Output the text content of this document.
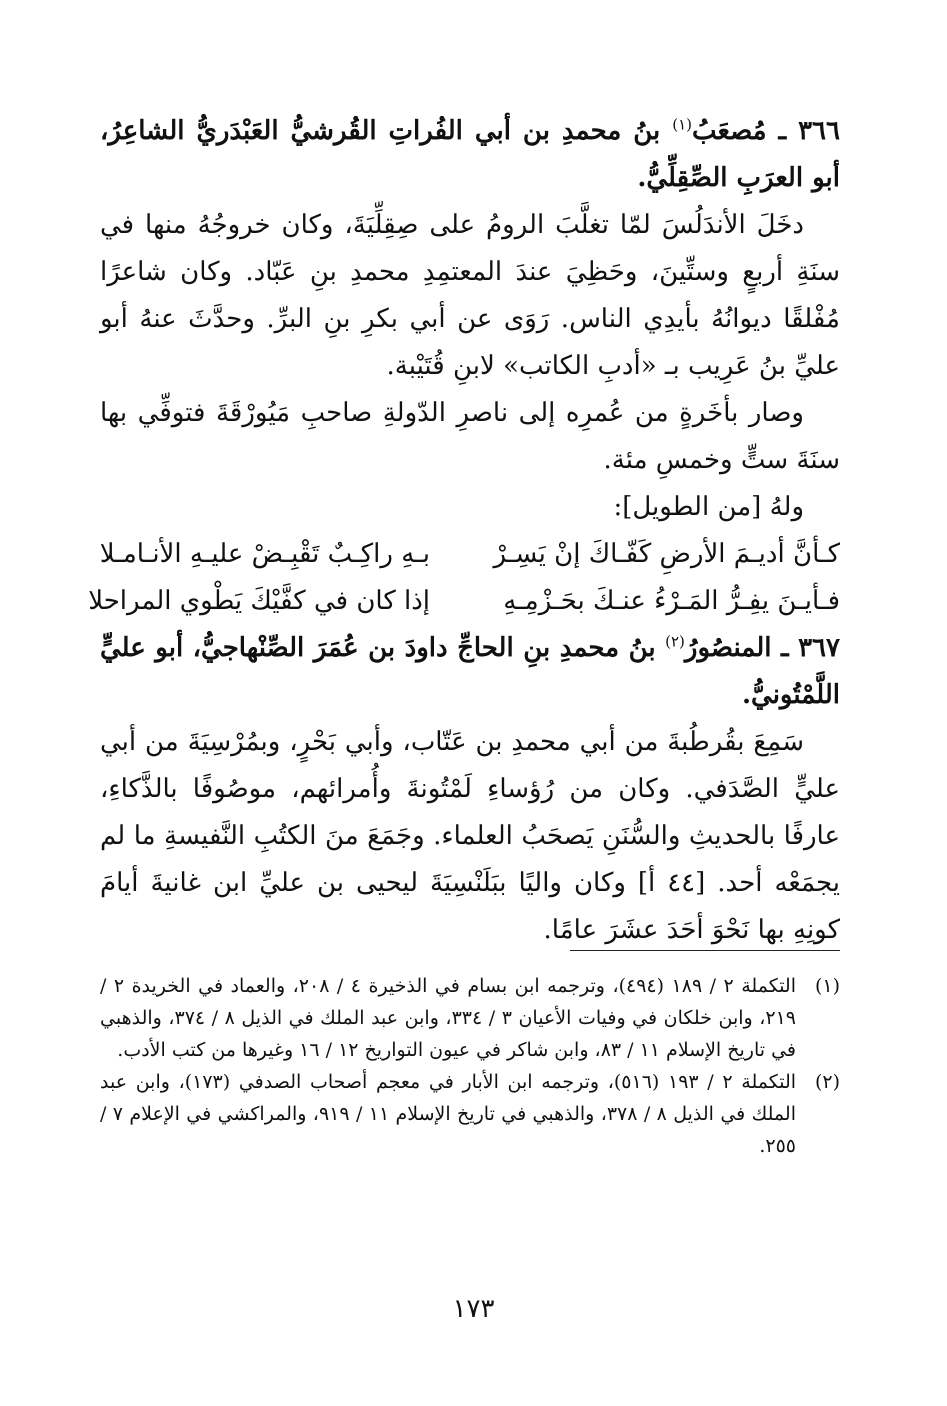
٣٦٦ ـ مُصعَبُ$^{(١)}$ بنُ محمدِ بن أبي الفُراتِ القُرشيُّ العَبْدَريُّ الشاعِرُ، أبو العرَبِ الصِّقِلِّيُّ.

دخَلَ الأندَلُسَ لمّا تغلَّبَ الرومُ على صِقِلِّيَةَ، وكان خروجُهُ منها في سنَةِ أربعٍ وستِّينَ، وحَظِيَ عندَ المعتمِدِ محمدِ بنِ عَبّاد. وكان شاعرًا مُفْلقًا ديوانُهُ بأيدِي الناس. رَوَى عن أبي بكرِ بنِ البرِّ. وحدَّثَ عنهُ أبو عليِّ بنُ عَرِيب بـ «أدبِ الكاتب» لابنِ قُتَيْبة.

وصار بأخَرةٍ من عُمرِه إلى ناصرِ الدّولةِ صاحبِ مَيُورْقَةَ فتوفِّي بها سنَةَ ستٍّ وخمسِ مئة.

ولهُ [من الطويل]:

كـأنَّ أديـمَ الأرضِ كَفّـاكَ إنْ يَسِـرْ
بـهِ راكِـبٌ تَقْبِـضْ عليـهِ الأنـامـلا
فـأيـنَ يفِـرُّ المَـرْءُ عنـكَ بحَـزْمِـهِ
إذا كان في كفَّيْكَ يَطْوي المراحلا

٣٦٧ ـ المنصُورُ$^{(٢)}$ بنُ محمدِ بنِ الحاجِّ داودَ بن عُمَرَ الصِّنْهاجيُّ، أبو عليٍّ اللَّمْتُونيُّ.

سَمِعَ بقُرطُبةَ من أبي محمدِ بن عَتّاب، وأبي بَحْرٍ، وبمُرْسِيَةَ من أبي عليٍّ الصَّدَفي. وكان من رُؤساءِ لَمْتُونةَ وأُمرائهم، موصُوفًا بالذَّكاءِ، عارفًا بالحديثِ والسُّنَنِ يَصحَبُ العلماء. وجَمَعَ منَ الكتُبِ النَّفيسةِ ما لم يجمَعْه أحد. [٤٤ أ] وكان واليًا ببَلَنْسِيَةَ ليحيى بن عليِّ ابن غانيةَ أيامَ كونِهِ بها نَحْوَ أحَدَ عشَرَ عامًا.

(١)
التكملة ٢ / ١٨٩ (٤٩٤)، وترجمه ابن بسام في الذخيرة ٤ / ٢٠٨، والعماد في الخريدة ٢ / ٢١٩، وابن خلكان في وفيات الأعيان ٣ / ٣٣٤، وابن عبد الملك في الذيل ٨ / ٣٧٤، والذهبي في تاريخ الإسلام ١١ / ٨٣، وابن شاكر في عيون التواريخ ١٢ / ١٦ وغيرها من كتب الأدب.
(٢)
التكملة ٢ / ١٩٣ (٥١٦)، وترجمه ابن الأبار في معجم أصحاب الصدفي (١٧٣)، وابن عبد الملك في الذيل ٨ / ٣٧٨، والذهبي في تاريخ الإسلام ١١ / ٩١٩، والمراكشي في الإعلام ٧ / ٢٥٥.
١٧٣
